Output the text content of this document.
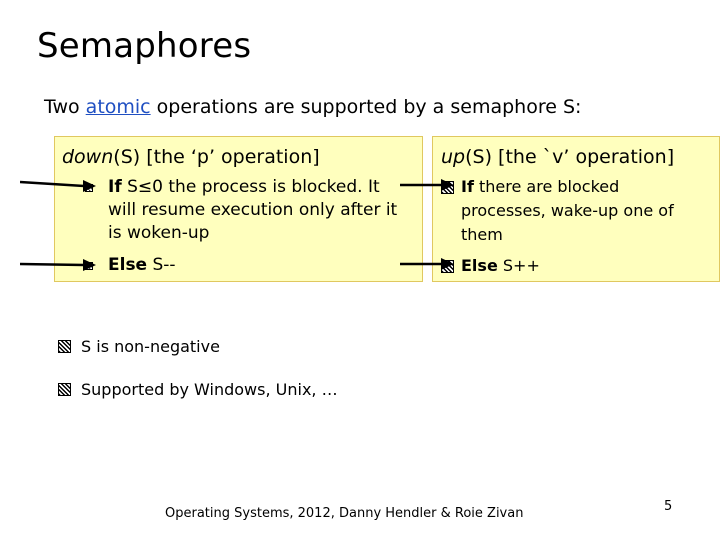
Semaphores
Two atomic operations are supported by a semaphore S:
down(S) [the ‘p’ operation]
If S≤0 the process is blocked. It will resume execution only after it is woken-up
Else S--
up(S) [the `v’ operation]
If there are blocked processes, wake-up one of them
Else S++
S is non-negative
Supported by Windows, Unix, …
Operating Systems, 2012, Danny Hendler & Roie Zivan	5
